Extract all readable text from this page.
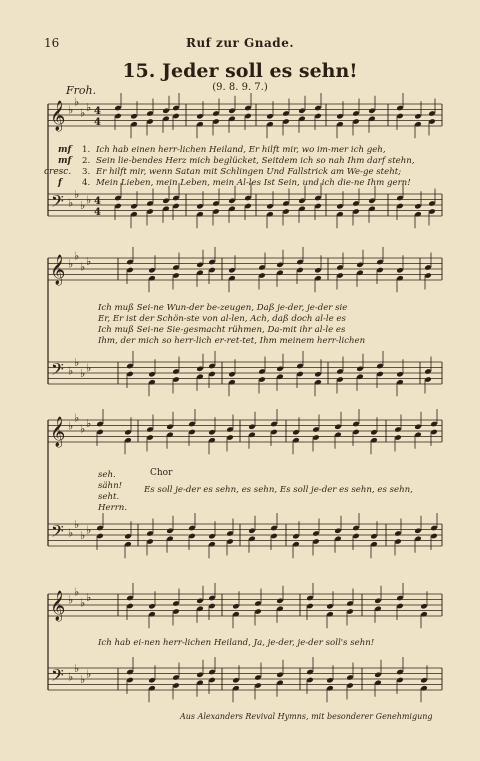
16	Ruf zur Gnade.
15. Jeder soll es sehn!
(9. 8. 9. 7.)
Froh.
𝄞
𝄢
♭
♭
♭ ♭
♭
♭
♭ ♭
4
4
4
4
𝄞
𝄢
♭
♭
♭ ♭
♭
♭
♭ ♭
𝄞
𝄢
♭
♭
♭ ♭
♭
♭
♭ ♭
𝄞
𝄢
♭
♭
♭ ♭
♭
♭
♭ ♭
mf 1. Ich hab einen herr-lichen Heiland, Er hilft mir, wo im-mer ich geh,
mf 2. Sein lie-bendes Herz mich beglücket, Seitdem ich so nah Ihm darf stehn,
cresc. 3. Er hilft mir, wenn Satan mit Schlingen Und Fallstrick am We-ge steht;
f 4. Mein Lieben, mein Leben, mein Al-les Ist Sein, und ich die-ne Ihm gern!
Ich muß Sei-ne Wun-der be-zeugen, Daß je-der, je-der sie
Er, Er ist der Schön-ste von al-len, Ach, daß doch al-le es
Ich muß Sei-ne Sie-gesmacht rühmen, Da-mit ihr al-le es
Ihm, der mich so herr-lich er-ret-tet, Ihm meinem herr-lichen
seh.
sähn!
seht.
Herrn.
Chor
Es soll je-der es sehn, es sehn, Es soll je-der es sehn, es sehn,
Ich hab ei-nen herr-lichen Heiland, Ja, je-der, je-der soll's sehn!
Aus Alexanders Revival Hymns, mit besonderer Genehmigung
